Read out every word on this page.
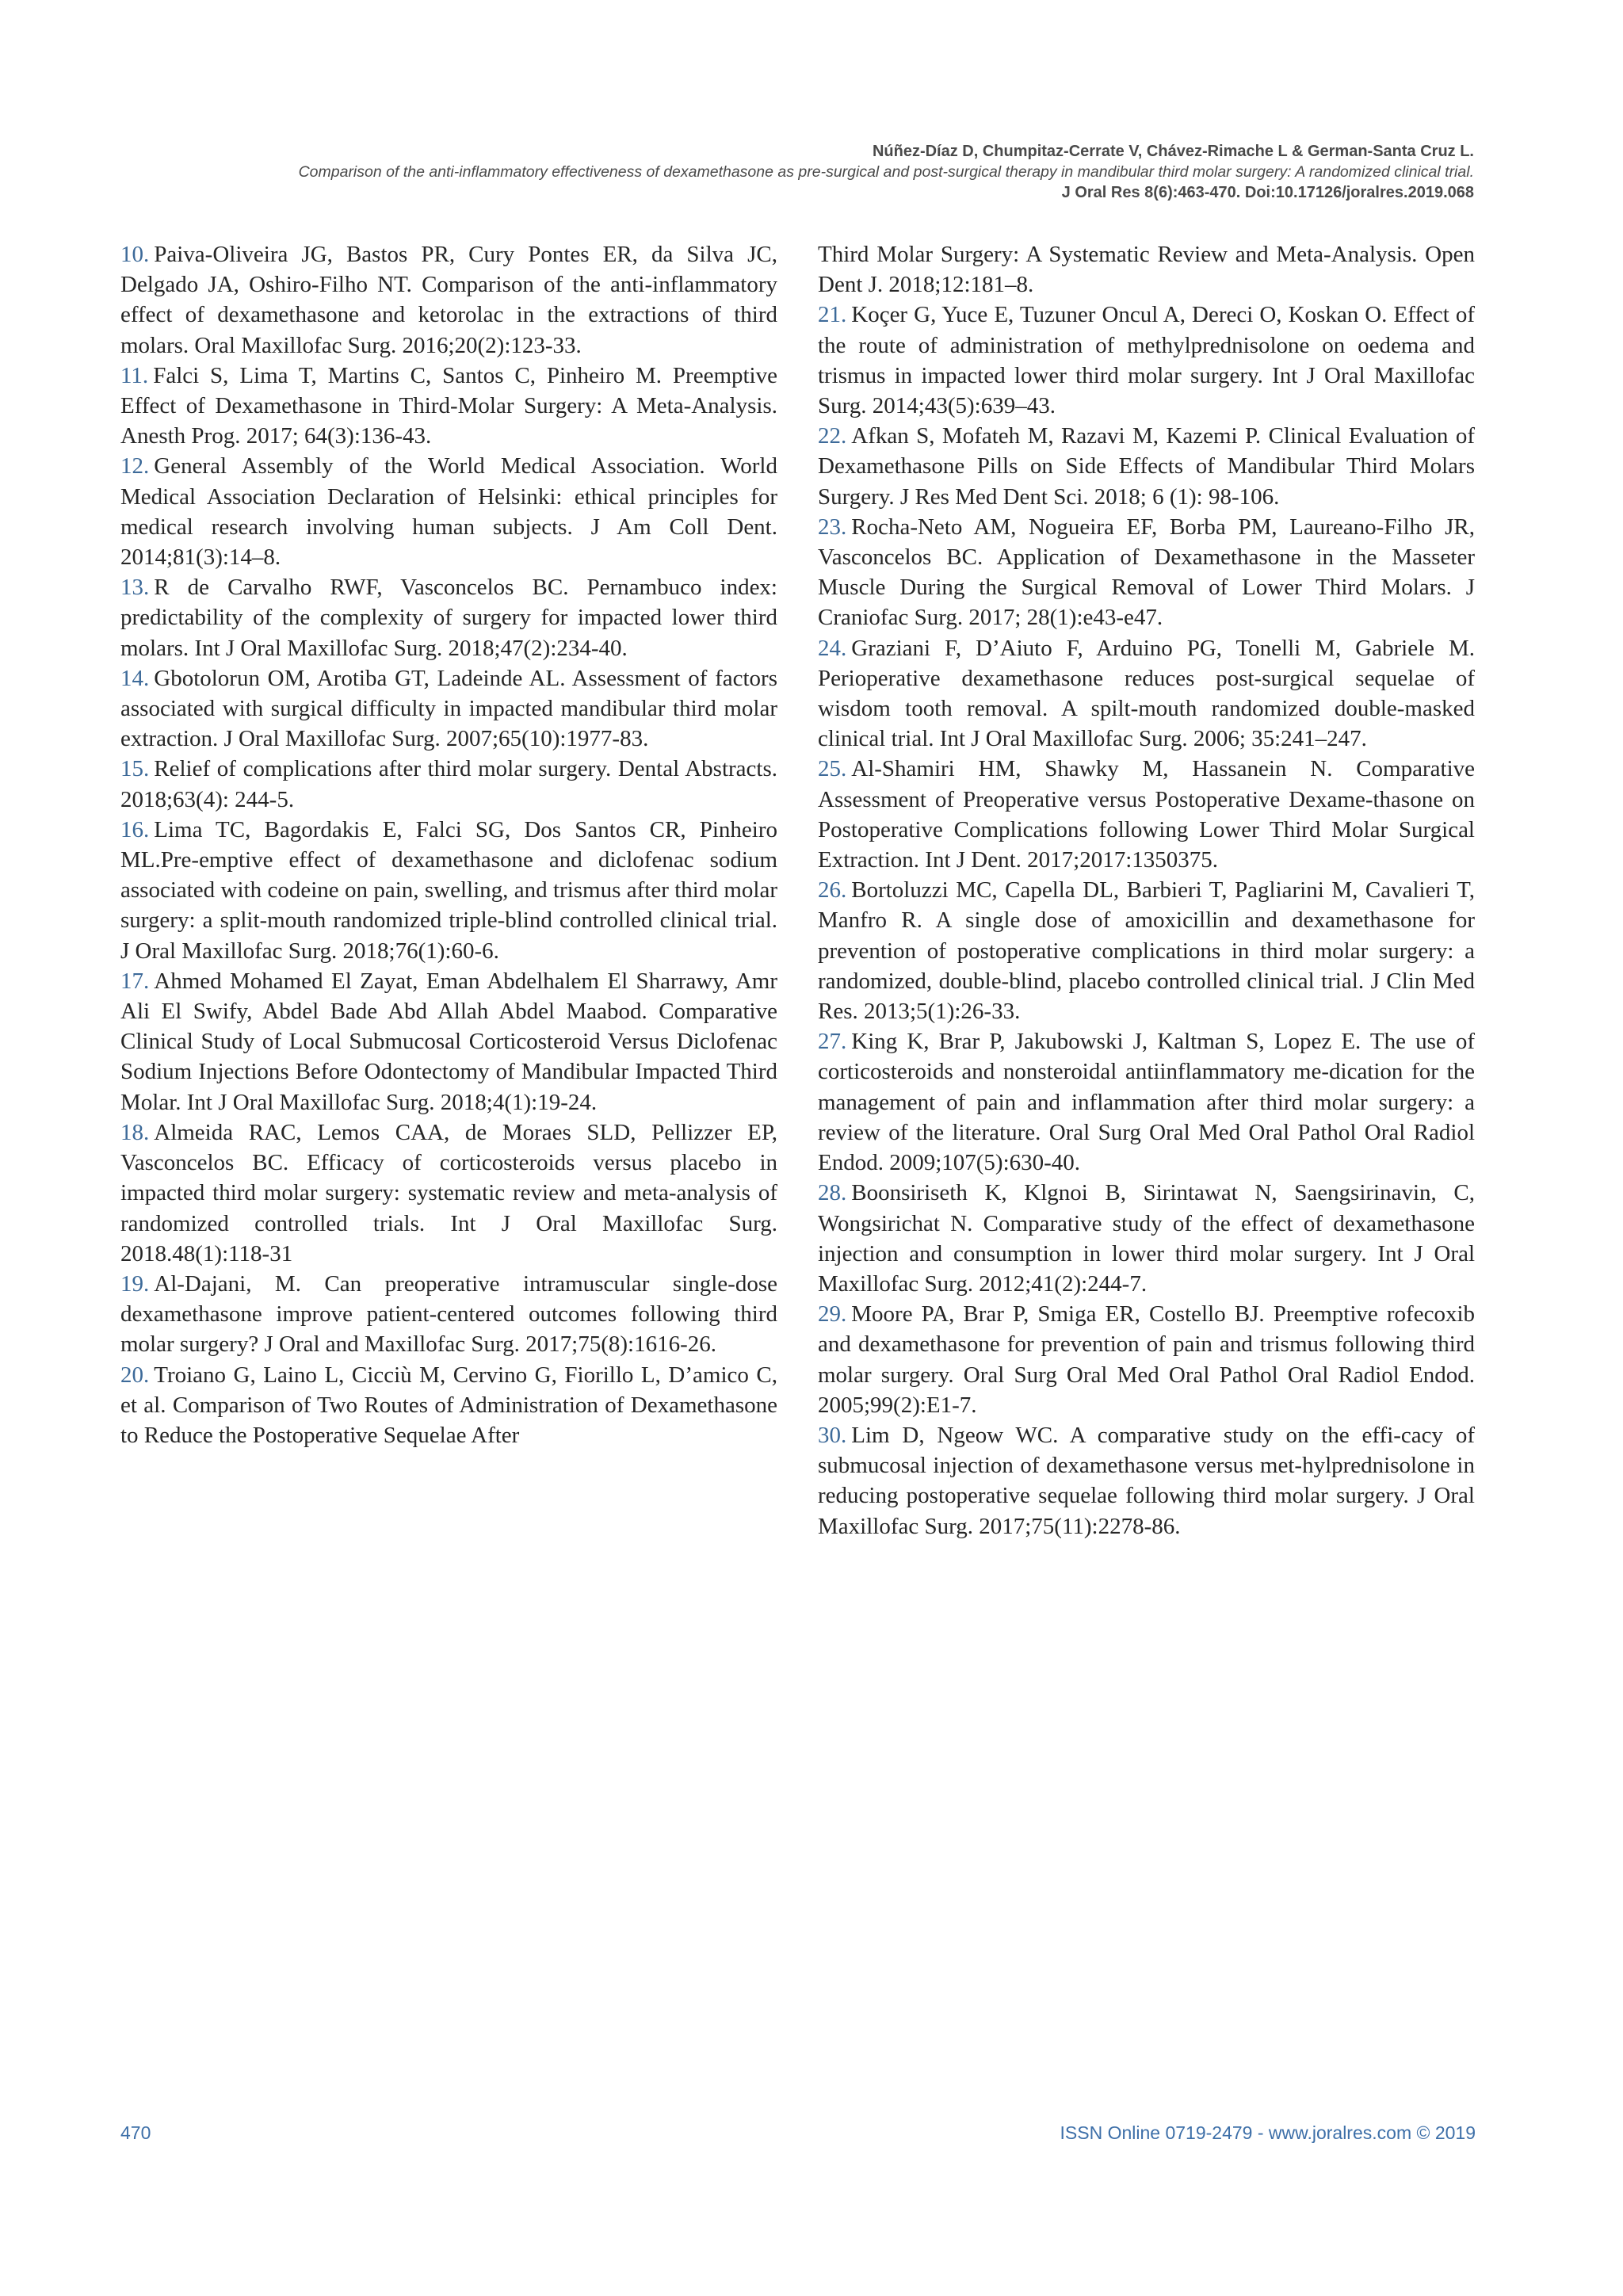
Núñez-Díaz D, Chumpitaz-Cerrate V, Chávez-Rimache L & German-Santa Cruz L.
Comparison of the anti-inflammatory effectiveness of dexamethasone as pre-surgical and post-surgical therapy in mandibular third molar surgery: A randomized clinical trial.
J Oral Res 8(6):463-470. Doi:10.17126/joralres.2019.068

10. Paiva-Oliveira JG, Bastos PR, Cury Pontes ER, da Silva JC, Delgado JA, Oshiro-Filho NT. Comparison of the anti-inflammatory effect of dexamethasone and ketorolac in the extractions of third molars. Oral Maxillofac Surg. 2016;20(2):123-33.

11. Falci S, Lima T, Martins C, Santos C, Pinheiro M. Preemptive Effect of Dexamethasone in Third-Molar Surgery: A Meta-Analysis. Anesth Prog. 2017; 64(3):136-43.

12. General Assembly of the World Medical Association. World Medical Association Declaration of Helsinki: ethical principles for medical research involving human subjects. J Am Coll Dent. 2014;81(3):14–8.

13. R de Carvalho RWF, Vasconcelos BC. Pernambuco index: predictability of the complexity of surgery for impacted lower third molars. Int J Oral Maxillofac Surg. 2018;47(2):234-40.

14. Gbotolorun OM, Arotiba GT, Ladeinde AL. Assessment of factors associated with surgical difficulty in impacted mandibular third molar extraction. J Oral Maxillofac Surg. 2007;65(10):1977-83.

15. Relief of complications after third molar surgery. Dental Abstracts. 2018;63(4): 244-5.

16. Lima TC, Bagordakis E, Falci SG, Dos Santos CR, Pinheiro ML.Pre-emptive effect of dexamethasone and diclofenac sodium associated with codeine on pain, swelling, and trismus after third molar surgery: a split-mouth randomized triple-blind controlled clinical trial. J Oral Maxillofac Surg. 2018;76(1):60-6.

17. Ahmed Mohamed El Zayat, Eman Abdelhalem El Sharrawy, Amr Ali El Swify, Abdel Bade Abd Allah Abdel Maabod. Comparative Clinical Study of Local Submucosal Corticosteroid Versus Diclofenac Sodium Injections Before Odontectomy of Mandibular Impacted Third Molar. Int J Oral Maxillofac Surg. 2018;4(1):19-24.

18. Almeida RAC, Lemos CAA, de Moraes SLD, Pellizzer EP, Vasconcelos BC. Efficacy of corticosteroids versus placebo in impacted third molar surgery: systematic review and meta-analysis of randomized controlled trials. Int J Oral Maxillofac Surg. 2018.48(1):118-31

19. Al-Dajani, M. Can preoperative intramuscular single-dose dexamethasone improve patient-centered outcomes following third molar surgery? J Oral and Maxillofac Surg. 2017;75(8):1616-26.

20. Troiano G, Laino L, Cicciù M, Cervino G, Fiorillo L, D’amico C, et al. Comparison of Two Routes of Administration of Dexamethasone to Reduce the Postoperative Sequelae After

Third Molar Surgery: A Systematic Review and Meta-Analysis. Open Dent J. 2018;12:181–8.

21. Koçer G, Yuce E, Tuzuner Oncul A, Dereci O, Koskan O. Effect of the route of administration of methylprednisolone on oedema and trismus in impacted lower third molar surgery. Int J Oral Maxillofac Surg. 2014;43(5):639–43.

22. Afkan S, Mofateh M, Razavi M, Kazemi P. Clinical Evaluation of Dexamethasone Pills on Side Effects of Mandibular Third Molars Surgery. J Res Med Dent Sci. 2018; 6 (1): 98-106.

23. Rocha-Neto AM, Nogueira EF, Borba PM, Laureano-Filho JR, Vasconcelos BC. Application of Dexamethasone in the Masseter Muscle During the Surgical Removal of Lower Third Molars. J Craniofac Surg. 2017; 28(1):e43-e47.

24. Graziani F, D’Aiuto F, Arduino PG, Tonelli M, Gabriele M. Perioperative dexamethasone reduces post-surgical sequelae of wisdom tooth removal. A spilt-mouth randomized double-masked clinical trial. Int J Oral Maxillofac Surg. 2006; 35:241–247.

25. Al-Shamiri HM, Shawky M, Hassanein N. Comparative Assessment of Preoperative versus Postoperative Dexame-thasone on Postoperative Complications following Lower Third Molar Surgical Extraction. Int J Dent. 2017;2017:1350375.

26. Bortoluzzi MC, Capella DL, Barbieri T, Pagliarini M, Cavalieri T, Manfro R. A single dose of amoxicillin and dexamethasone for prevention of postoperative complications in third molar surgery: a randomized, double-blind, placebo controlled clinical trial. J Clin Med Res. 2013;5(1):26-33.

27. King K, Brar P, Jakubowski J, Kaltman S, Lopez E. The use of corticosteroids and nonsteroidal antiinflammatory me-dication for the management of pain and inflammation after third molar surgery: a review of the literature. Oral Surg Oral Med Oral Pathol Oral Radiol Endod. 2009;107(5):630-40.

28. Boonsiriseth K, Klgnoi B, Sirintawat N, Saengsirinavin, C, Wongsirichat N. Comparative study of the effect of dexamethasone injection and consumption in lower third molar surgery. Int J Oral Maxillofac Surg. 2012;41(2):244-7.

29. Moore PA, Brar P, Smiga ER, Costello BJ. Preemptive rofecoxib and dexamethasone for prevention of pain and trismus following third molar surgery. Oral Surg Oral Med Oral Pathol Oral Radiol Endod. 2005;99(2):E1-7.

30. Lim D, Ngeow WC. A comparative study on the effi-cacy of submucosal injection of dexamethasone versus met-hylprednisolone in reducing postoperative sequelae following third molar surgery. J Oral Maxillofac Surg. 2017;75(11):2278-86.

470	ISSN Online 0719-2479 - www.joralres.com © 2019
